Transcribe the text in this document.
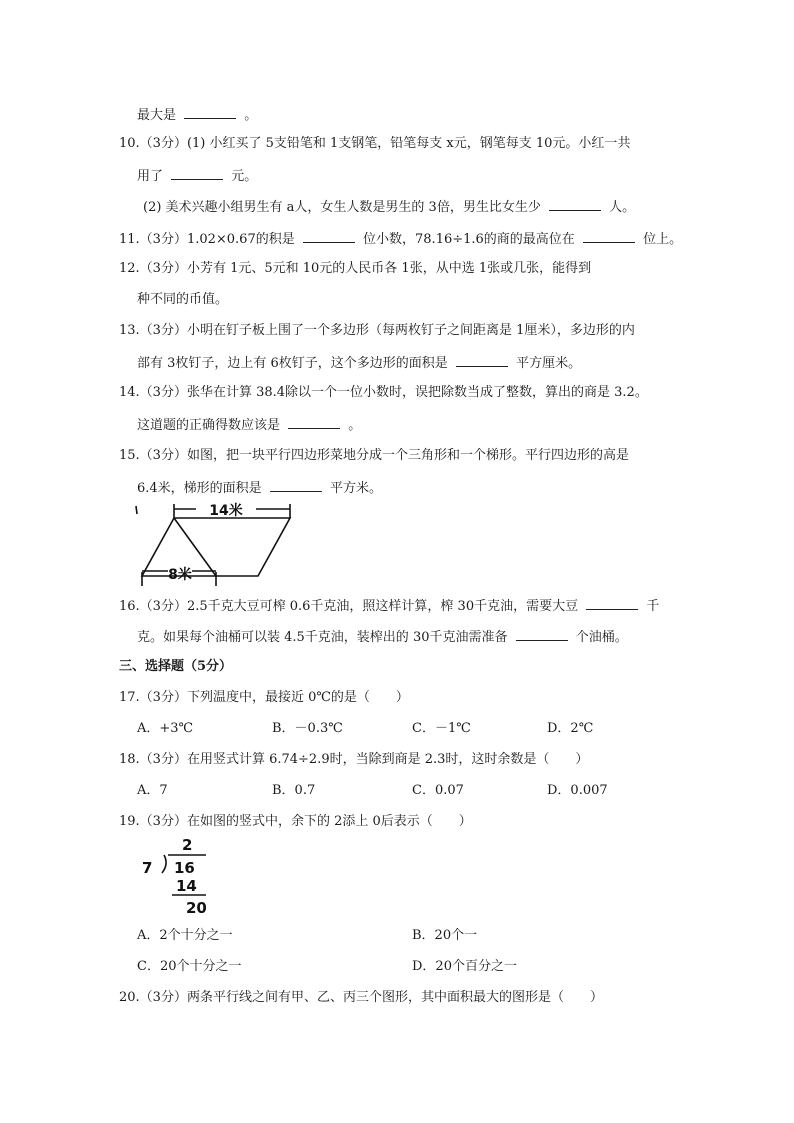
最大是	。
10.（3分）(1) 小红买了 5支铅笔和 1支钢笔，铅笔每支 x元，钢笔每支 10元。小红一共
用了	元。
(2) 美术兴趣小组男生有 a人，女生人数是男生的 3倍，男生比女生少	人。
11.（3分）1.02×0.67的积是	位小数，78.16÷1.6的商的最高位在	位上。
12.（3分）小芳有 1元、5元和 10元的人民币各 1张，从中选 1张或几张，能得到
种不同的币值。
13.（3分）小明在钉子板上围了一个多边形（每两枚钉子之间距离是 1厘米），多边形的内
部有 3枚钉子，边上有 6枚钉子，这个多边形的面积是	平方厘米。
14.（3分）张华在计算 38.4除以一个一位小数时，误把除数当成了整数，算出的商是 3.2。
这道题的正确得数应该是	。
15.（3分）如图，把一块平行四边形菜地分成一个三角形和一个梯形。平行四边形的高是
6.4米，梯形的面积是	平方米。
14米
8米
16.（3分）2.5千克大豆可榨 0.6千克油，照这样计算，榨 30千克油，需要大豆	千
克。如果每个油桶可以装 4.5千克油，装榨出的 30千克油需准备	个油桶。
三、选择题（5分）
17.（3分）下列温度中，最接近 0℃的是（　　）
A．+3℃	B．－0.3℃	C．－1℃	D．2℃
18.（3分）在用竖式计算 6.74÷2.9时，当除到商是 2.3时，这时余数是（　　）
A．7	B．0.7	C．0.07	D．0.007
19.（3分）在如图的竖式中，余下的 2添上 0后表示（　　）
2
7 16
14
20
A．2个十分之一	B．20个一
C．20个十分之一	D．20个百分之一
20.（3分）两条平行线之间有甲、乙、丙三个图形，其中面积最大的图形是（　　）
